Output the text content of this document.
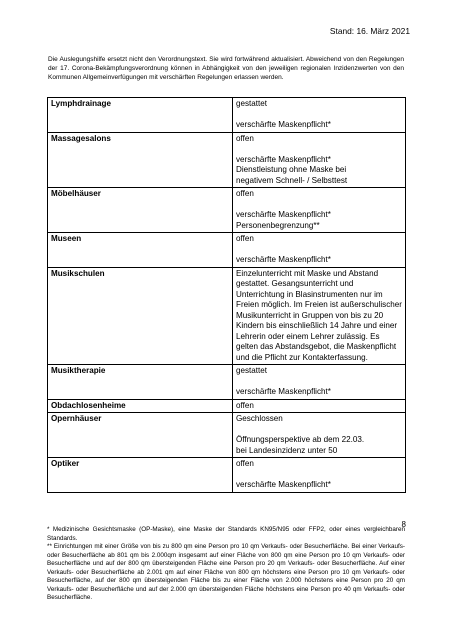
Stand: 16. März 2021
Die Auslegungshilfe ersetzt nicht den Verordnungstext. Sie wird fortwährend aktualisiert. Abweichend von den Regelungen der 17. Corona-Bekämpfungsverordnung können in Abhängigkeit von den jeweiligen regionalen Inzidenzwerten von den Kommunen Allgemeinverfügungen mit verschärften Regelungen erlassen werden.
Lymphdrainage	gestattet
verschärfte Maskenpflicht*

Massagesalons	offen
verschärfte Maskenpflicht*
Dienstleistung ohne Maske bei
negativem Schnell- / Selbsttest

Möbelhäuser	offen
verschärfte Maskenpflicht*
Personenbegrenzung**

Museen	offen
verschärfte Maskenpflicht*

Musikschulen	Einzelunterricht mit Maske und Abstand gestattet. Gesangsunterricht und Unterrichtung in Blasinstrumenten nur im Freien möglich. Im Freien ist außerschulischer Musikunterricht in Gruppen von bis zu 20 Kindern bis einschließlich 14 Jahre und einer Lehrerin oder einem Lehrer zulässig. Es gelten das Abstandsgebot, die Maskenpflicht und die Pflicht zur Kontakterfassung.

Musiktherapie	gestattet
verschärfte Maskenpflicht*

Obdachlosenheime	offen

Opernhäuser	Geschlossen
Öffnungsperspektive ab dem 22.03.
bei Landesinzidenz unter 50

Optiker	offen
verschärfte Maskenpflicht*
8

* Medizinische Gesichtsmaske (OP-Maske), eine Maske der Standards KN95/N95 oder FFP2, oder eines vergleichbaren Standards.

** Einrichtungen mit einer Größe von bis zu 800 qm eine Person pro 10 qm Verkaufs- oder Besucherfläche. Bei einer Verkaufs- oder Besucherfläche ab 801 qm bis 2.000qm insgesamt auf einer Fläche von 800 qm eine Person pro 10 qm Verkaufs- oder Besucherfläche und auf der 800 qm übersteigenden Fläche eine Person pro 20 qm Verkaufs- oder Besucherfläche. Auf einer Verkaufs- oder Besucherfläche ab 2.001 qm auf einer Fläche von 800 qm höchstens eine Person pro 10 qm Verkaufs- oder Besucherfläche, auf der 800 qm übersteigenden Fläche bis zu einer Fläche von 2.000 höchstens eine Person pro 20 qm Verkaufs- oder Besucherfläche und auf der 2.000 qm übersteigenden Fläche höchstens eine Person pro 40 qm Verkaufs- oder Besucherfläche.
